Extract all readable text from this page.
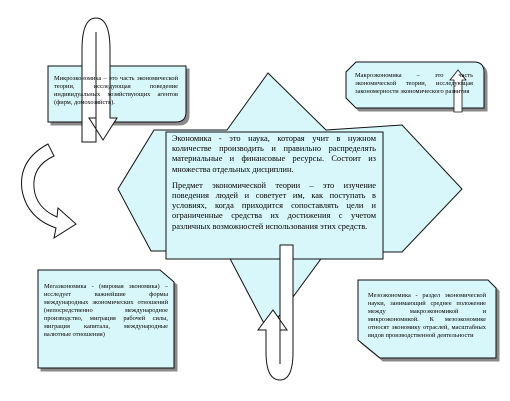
Экономика - это наука, которая учит в нужном количестве производить и правильно распределять материальные и финансовые ресурсы. Состоит из множества отдельных дисциплин.

Предмет экономической теории – это изучение поведения людей и советует им, как поступать в условиях, когда приходится сопоставлять цели и ограниченные средства их достижения с учетом различных возможностей использования этих средств.

Микроэкономика – это часть экономической теории, исследующая поведение индивидуальных хозяйствующих агентов (фирм, домохозяйств).
Макроэкономика – это часть экономической теории, исследующая закономерности экономического развития
Мегаэкономика - (мировая экономика) – исследует важнейшие формы международных экономических отношений (непосредственно международное производство, миграция рабочей силы, миграция капитала, международные валютные отношения)
Мезоэкономика - раздел экономической науки, занимающий среднее положение между макроэкономикой и микроэкономикой. К мезоэкономике относят экономику отраслей, масштабных видов производственной деятельности
